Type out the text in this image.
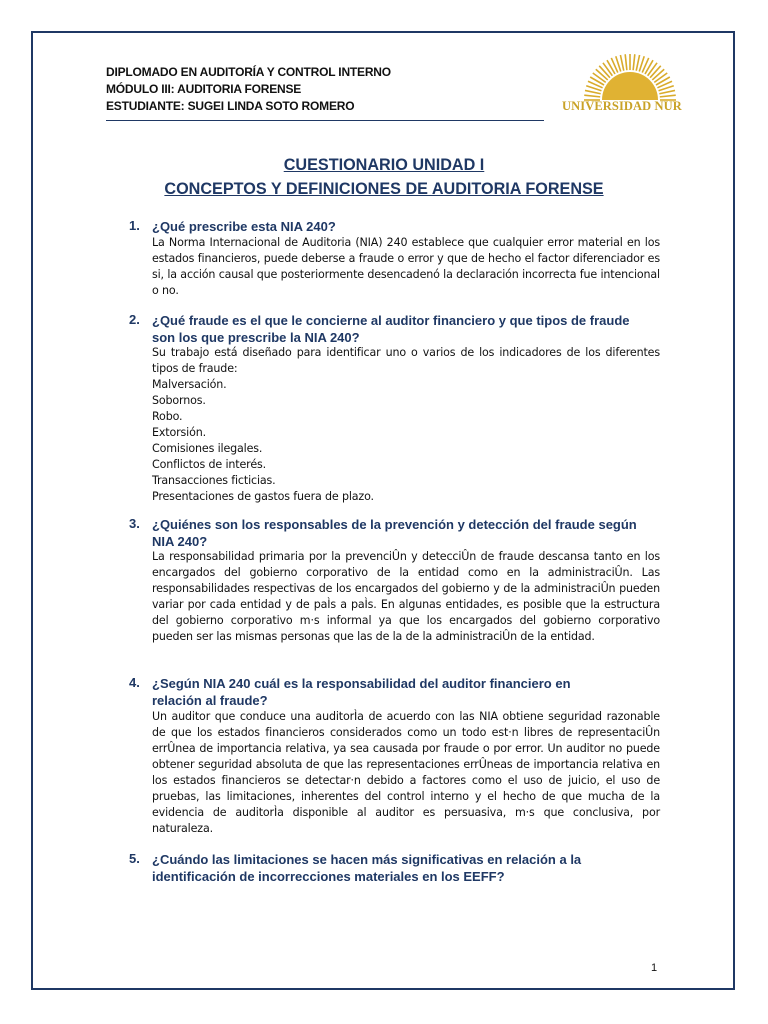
DIPLOMADO EN AUDITORÍA Y CONTROL INTERNO
MÓDULO III: AUDITORIA FORENSE
ESTUDIANTE: SUGEI LINDA SOTO ROMERO	UNIVERSIDAD NUR
CUESTIONARIO UNIDAD I
CONCEPTOS Y DEFINICIONES DE AUDITORIA FORENSE
1. ¿Qué prescribe esta NIA 240?
La Norma Internacional de Auditoria (NIA) 240 establece que cualquier error material en los estados financieros, puede deberse a fraude o error y que de hecho el factor diferenciador es si, la acción causal que posteriormente desencadenó la declaración incorrecta fue intencional o no.
2. ¿Qué fraude es el que le concierne al auditor financiero y que tipos de fraude son los que prescribe la NIA 240?
Su trabajo está diseñado para identificar uno o varios de los indicadores de los diferentes tipos de fraude:
Malversación.
Sobornos.
Robo.
Extorsión.
Comisiones ilegales.
Conflictos de interés.
Transacciones ficticias.
Presentaciones de gastos fuera de plazo.
3. ¿Quiénes son los responsables de la prevención y detección del fraude según NIA 240?
La responsabilidad primaria por la prevenciÛn y detecciÛn de fraude descansa tanto en los encargados del gobierno corporativo de la entidad como en la administraciÛn. Las responsabilidades respectivas de los encargados del gobierno y de la administraciÛn pueden variar por cada entidad y de paÌs a paÌs. En algunas entidades, es posible que la estructura del gobierno corporativo m·s informal ya que los encargados del gobierno corporativo pueden ser las mismas personas que las de la de la administraciÛn de la entidad.
4. ¿Según NIA 240 cuál es la responsabilidad del auditor financiero en relación al fraude?
Un auditor que conduce una auditorÌa de acuerdo con las NIA obtiene seguridad razonable de que los estados financieros considerados como un todo est·n libres de representaciÛn errÛnea de importancia relativa, ya sea causada por fraude o por error. Un auditor no puede obtener seguridad absoluta de que las representaciones errÛneas de importancia relativa en los estados financieros se detectar·n debido a factores como el uso de juicio, el uso de pruebas, las limitaciones, inherentes del control interno y el hecho de que mucha de la evidencia de auditorÌa disponible al auditor es persuasiva, m·s que conclusiva, por naturaleza.
5. ¿Cuándo las limitaciones se hacen más significativas en relación a la identificación de incorrecciones materiales en los EEFF?
1
